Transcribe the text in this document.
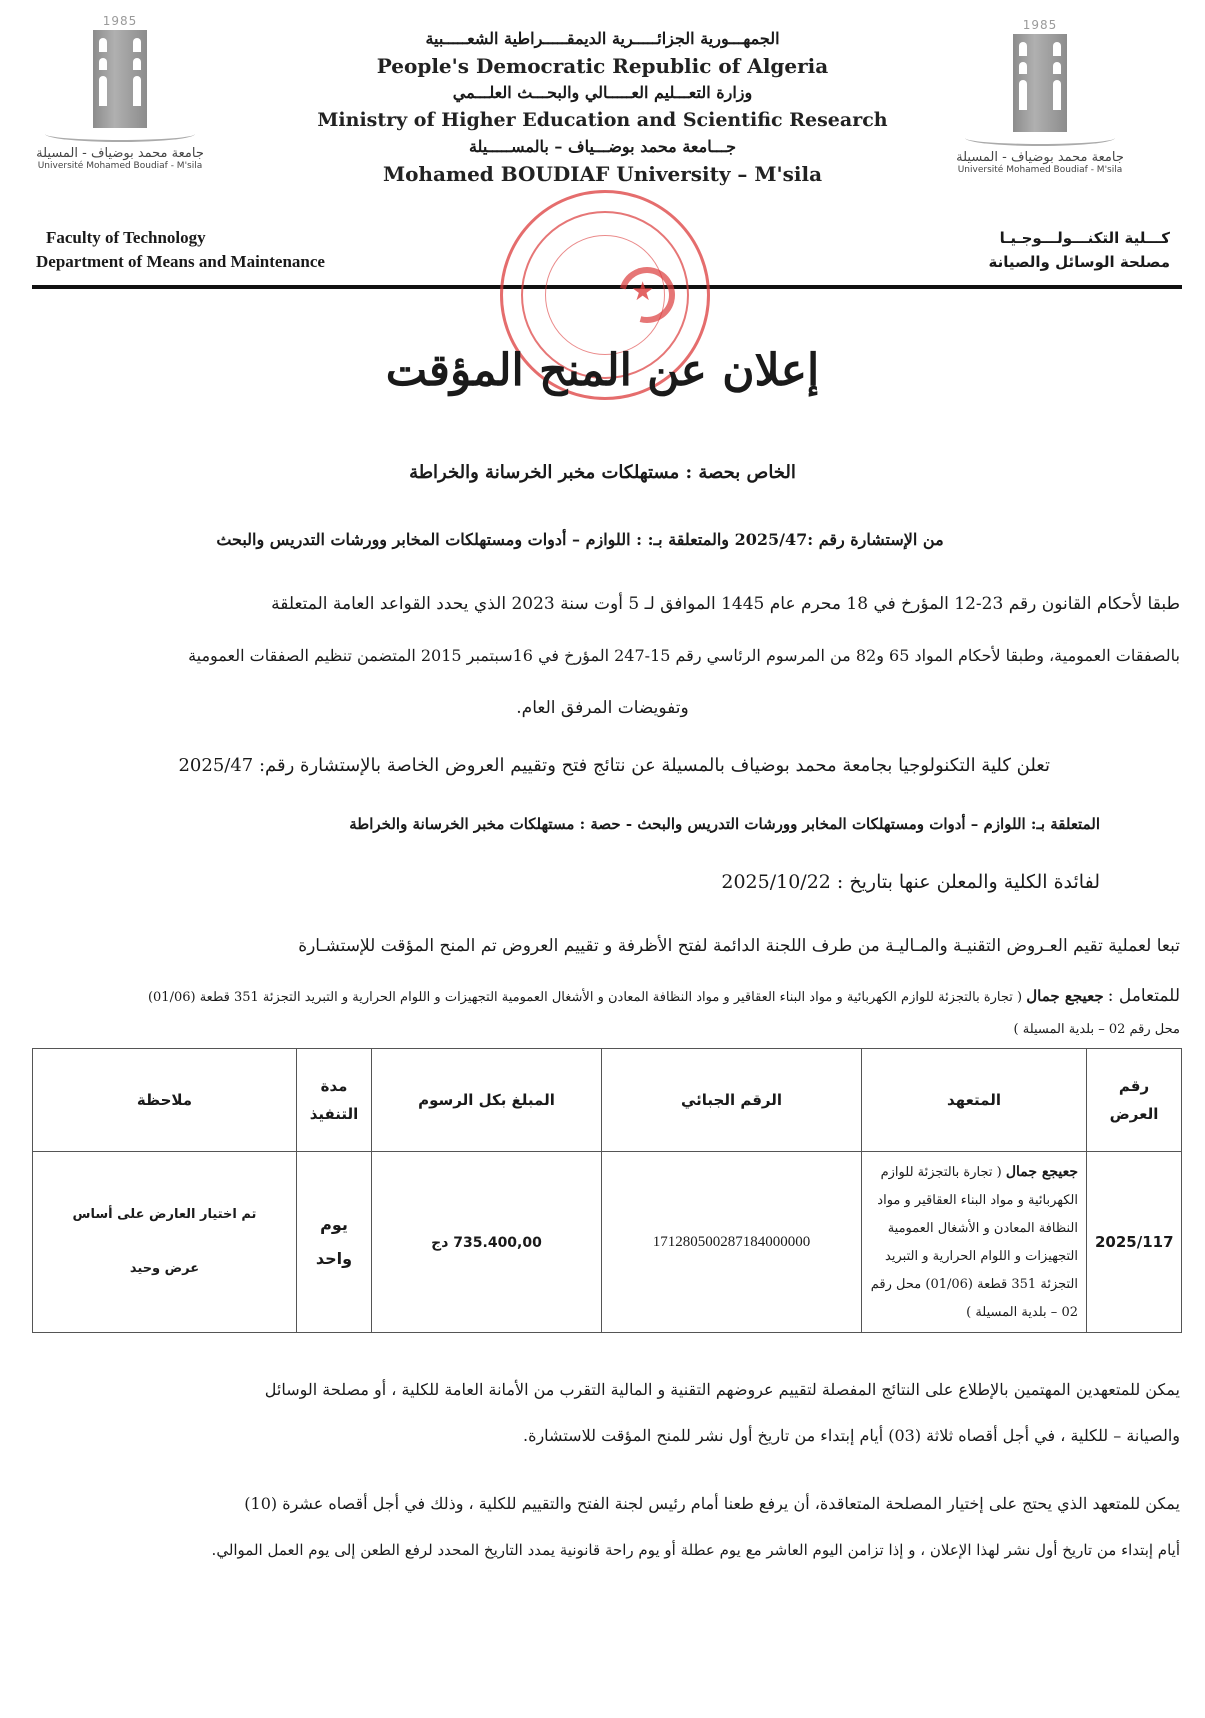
1985
جامعة محمد بوضياف - المسيلة
Université Mohamed Boudiaf - M'sila
1985
جامعة محمد بوضياف - المسيلة
Université Mohamed Boudiaf - M'sila
الجمهـــورية الجزائـــــرية الديمقـــــراطية الشعـــــبية
People's Democratic Republic of Algeria
وزارة التعـــليم العـــــالي والبحـــث العلـــمي
Ministry of Higher Education and Scientific Research
جـــامعة محمد بوضـــياف – بالمســـــيلة
Mohamed BOUDIAF University – M'sila
Faculty of Technology
Department of Means and Maintenance
كـــلية التكنـــولـــوجـيـا
مصلحة الوسائل والصيانة
★
إعلان عن المنح المؤقت
الخاص بحصة : مستهلكات مخبر الخرسانة والخراطة
من الإستشارة رقم :2025/47 والمتعلقة بـ: : اللوازم – أدوات ومستهلكات المخابر وورشات التدريس والبحث
طبقا لأحكام القانون رقم 23-12 المؤرخ في 18 محرم عام 1445 الموافق لـ 5 أوت سنة 2023 الذي يحدد القواعد العامة المتعلقة
بالصفقات العمومية، وطبقا لأحكام المواد 65 و82 من المرسوم الرئاسي رقم 15-247 المؤرخ في 16سبتمبر 2015 المتضمن تنظيم الصفقات العمومية
وتفويضات المرفق العام.
تعلن كلية التكنولوجيا بجامعة محمد بوضياف بالمسيلة عن نتائج فتح وتقييم العروض الخاصة بالإستشارة رقم: 2025/47
المتعلقة بـ: اللوازم – أدوات ومستهلكات المخابر وورشات التدريس والبحث - حصة : مستهلكات مخبر الخرسانة والخراطة
لفائدة الكلية والمعلن عنها بتاريخ : 2025/10/22
تبعا لعملية تقيم العـروض التقنيـة والمـاليـة من طرف اللجنة الدائمة لفتح الأظرفة و تقييم العروض تم المنح المؤقت للإستشـارة
للمتعامل : جعيجع جمال ( تجارة بالتجزئة للوازم الكهربائية و مواد البناء العقاقير و مواد النظافة المعادن و الأشغال العمومية التجهيزات و اللوام الحرارية و التبريد التجزئة 351 قطعة (01/06)
محل رقم 02 – بلدية المسيلة )
رقم العرض	المتعهد	الرقم الجبائي	المبلغ بكل الرسوم	مدة التنفيذ	ملاحظة
2025/117	جعيجع جمال ( تجارة بالتجزئة للوازم الكهربائية و مواد البناء العقاقير و مواد النظافة المعادن و الأشغال العمومية التجهيزات و اللوام الحرارية و التبريد التجزئة 351 قطعة (01/06) محل رقم 02 – بلدية المسيلة )	171280500287184000000	735.400,00 دج	يوم واحد	تم اختيار العارض على أساس
عرض وحيد
يمكن للمتعهدين المهتمين بالإطلاع على النتائج المفصلة لتقييم عروضهم التقنية و المالية التقرب من الأمانة العامة للكلية ، أو مصلحة الوسائل
والصيانة – للكلية ، في أجل أقصاه ثلاثة (03) أيام إبتداء من تاريخ أول نشر للمنح المؤقت للاستشارة.
يمكن للمتعهد الذي يحتج على إختيار المصلحة المتعاقدة، أن يرفع طعنا أمام رئيس لجنة الفتح والتقييم للكلية ، وذلك في أجل أقصاه عشرة (10)
أيام إبتداء من تاريخ أول نشر لهذا الإعلان ، و إذا تزامن اليوم العاشر مع يوم عطلة أو يوم راحة قانونية يمدد التاريخ المحدد لرفع الطعن إلى يوم العمل الموالي.
